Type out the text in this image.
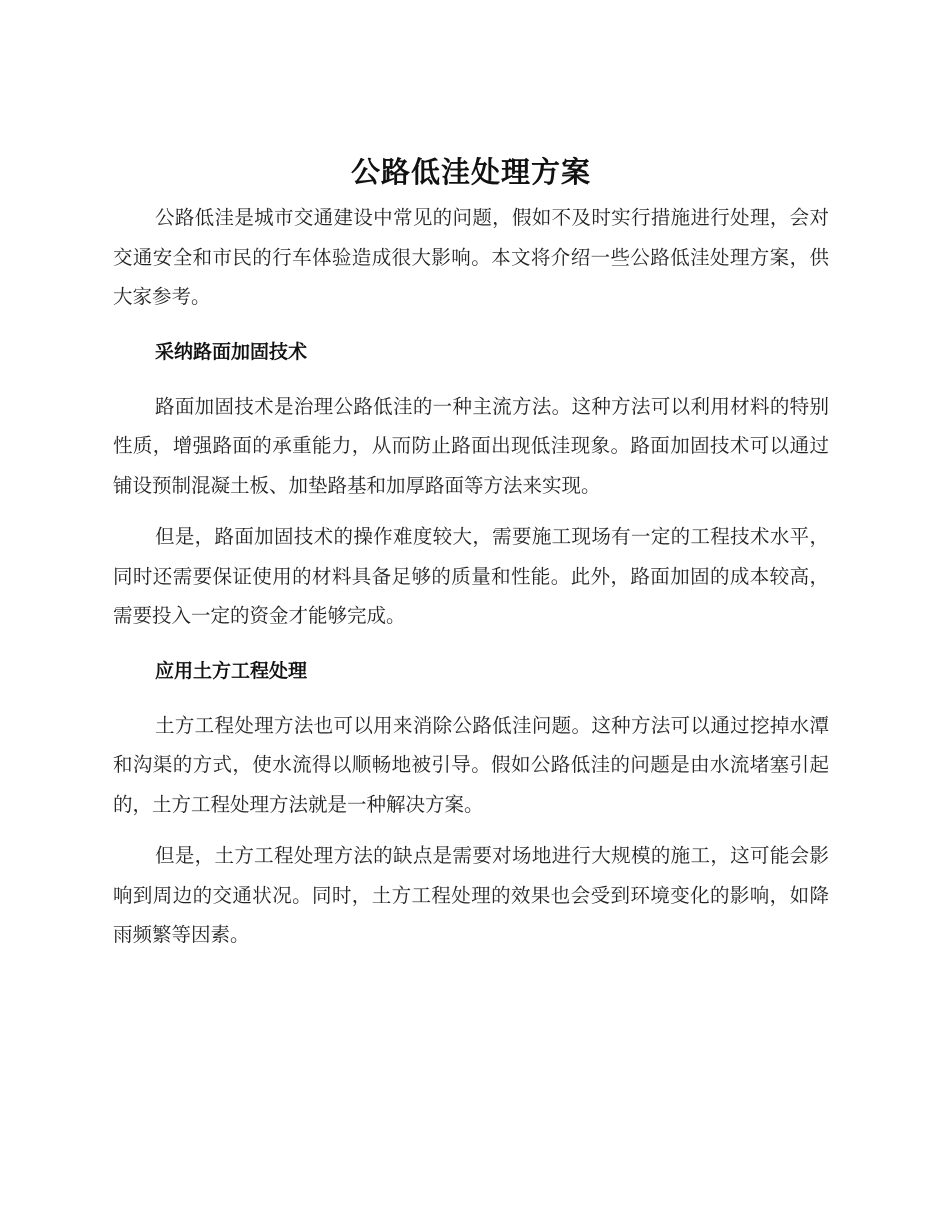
公路低洼处理方案

公路低洼是城市交通建设中常见的问题，假如不及时实行措施进行处理，会对交通安全和市民的行车体验造成很大影响。本文将介绍一些公路低洼处理方案，供大家参考。

采纳路面加固技术

路面加固技术是治理公路低洼的一种主流方法。这种方法可以利用材料的特别性质，增强路面的承重能力，从而防止路面出现低洼现象。路面加固技术可以通过铺设预制混凝土板、加垫路基和加厚路面等方法来实现。

但是，路面加固技术的操作难度较大，需要施工现场有一定的工程技术水平，同时还需要保证使用的材料具备足够的质量和性能。此外，路面加固的成本较高，需要投入一定的资金才能够完成。

应用土方工程处理

土方工程处理方法也可以用来消除公路低洼问题。这种方法可以通过挖掉水潭和沟渠的方式，使水流得以顺畅地被引导。假如公路低洼的问题是由水流堵塞引起的，土方工程处理方法就是一种解决方案。

但是，土方工程处理方法的缺点是需要对场地进行大规模的施工，这可能会影响到周边的交通状况。同时，土方工程处理的效果也会受到环境变化的影响，如降雨频繁等因素。
